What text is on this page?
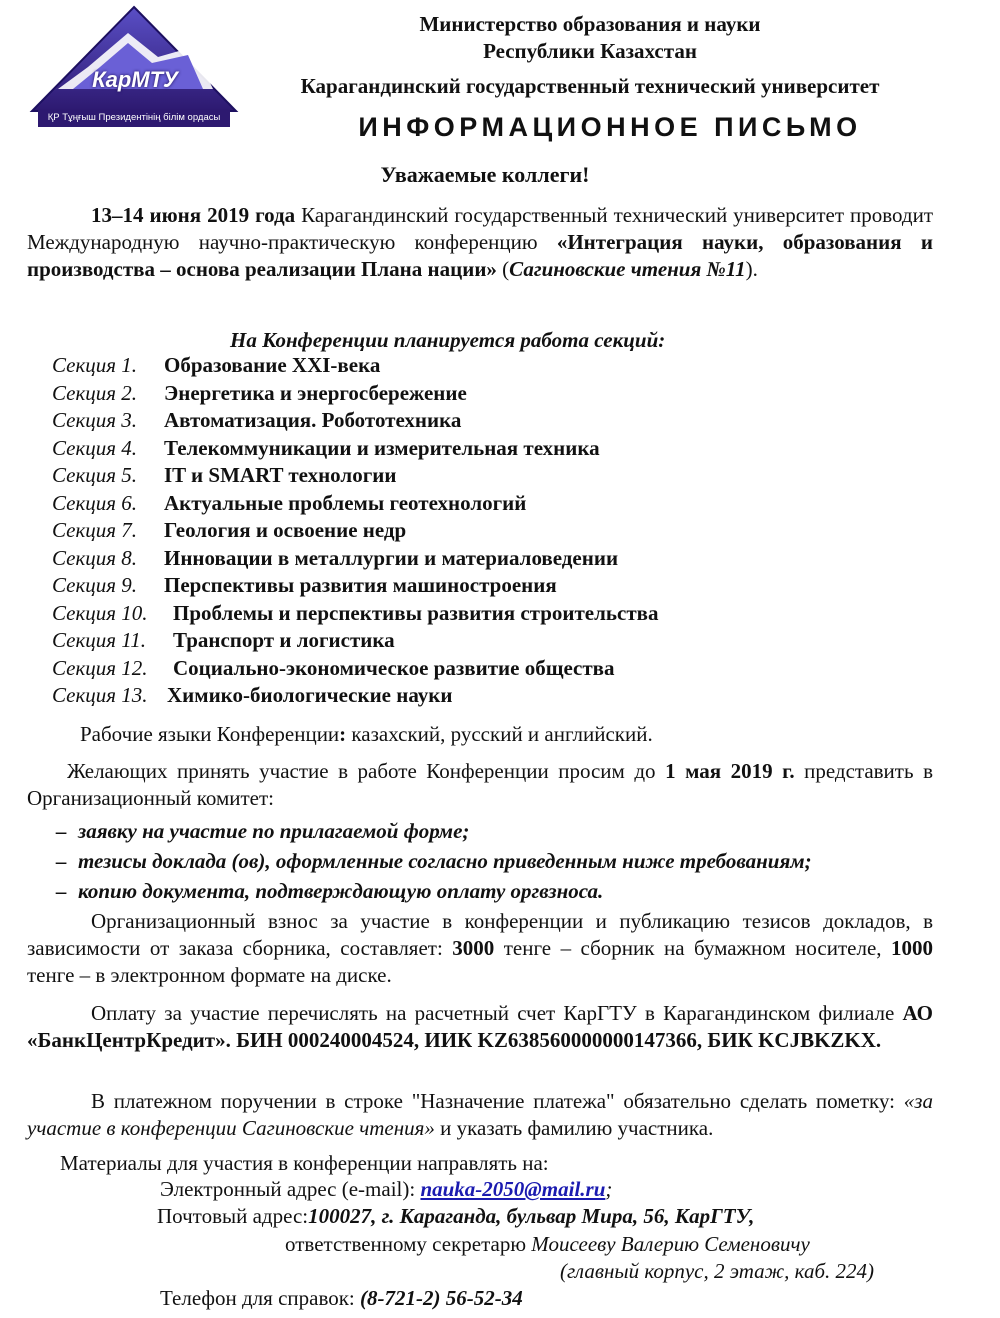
КарМТУ
ҚР Тұңғыш Президентінің білім ордасы
Министерство образования и науки
Республики Казахстан
Карагандинский государственный технический университет
ИНФОРМАЦИОННОЕ ПИСЬМО
Уважаемые коллеги!
13–14 июня 2019 года Карагандинский государственный технический университет проводит Международную научно-практическую конференцию «Интеграция науки, образования и производства – основа реализации Плана нации» (Сагиновские чтения №11).
На Конференции планируется работа секций:
Секция 1. Образование XXI-века
Секция 2. Энергетика и энергосбережение
Секция 3. Автоматизация. Робототехника
Секция 4. Телекоммуникации и измерительная техника
Секция 5. IT и SMART технологии
Секция 6. Актуальные проблемы геотехнологий
Секция 7. Геология и освоение недр
Секция 8. Инновации в металлургии и материаловедении
Секция 9. Перспективы развития машиностроения
Секция 10. Проблемы и перспективы развития строительства
Секция 11. Транспорт и логистика
Секция 12. Социально-экономическое развитие общества
Секция 13. Химико-биологические науки
Рабочие языки Конференции: казахский, русский и английский.
Желающих принять участие в работе Конференции просим до 1 мая 2019 г. представить в Организационный комитет:
– заявку на участие по прилагаемой форме;
– тезисы доклада (ов), оформленные согласно приведенным ниже требованиям;
– копию документа, подтверждающую оплату оргвзноса.
Организационный взнос за участие в конференции и публикацию тезисов докладов, в зависимости от заказа сборника, составляет: 3000 тенге – сборник на бумажном носителе, 1000 тенге – в электронном формате на диске.
Оплату за участие перечислять на расчетный счет КарГТУ в Карагандинском филиале АО «БанкЦентрКредит». БИН 000240004524, ИИК KZ638560000000147366, БИК KCJBKZKX.
В платежном поручении в строке "Назначение платежа" обязательно сделать пометку: «за участие в конференции Сагиновские чтения» и указать фамилию участника.
Материалы для участия в конференции направлять на:
Электронный адрес (e-mail): nauka-2050@mail.ru;
Почтовый адрес:100027, г. Караганда, бульвар Мира, 56, КарГТУ,
ответственному секретарю Моисееву Валерию Семеновичу
(главный корпус, 2 этаж, каб. 224)
Телефон для справок: (8-721-2) 56-52-34
